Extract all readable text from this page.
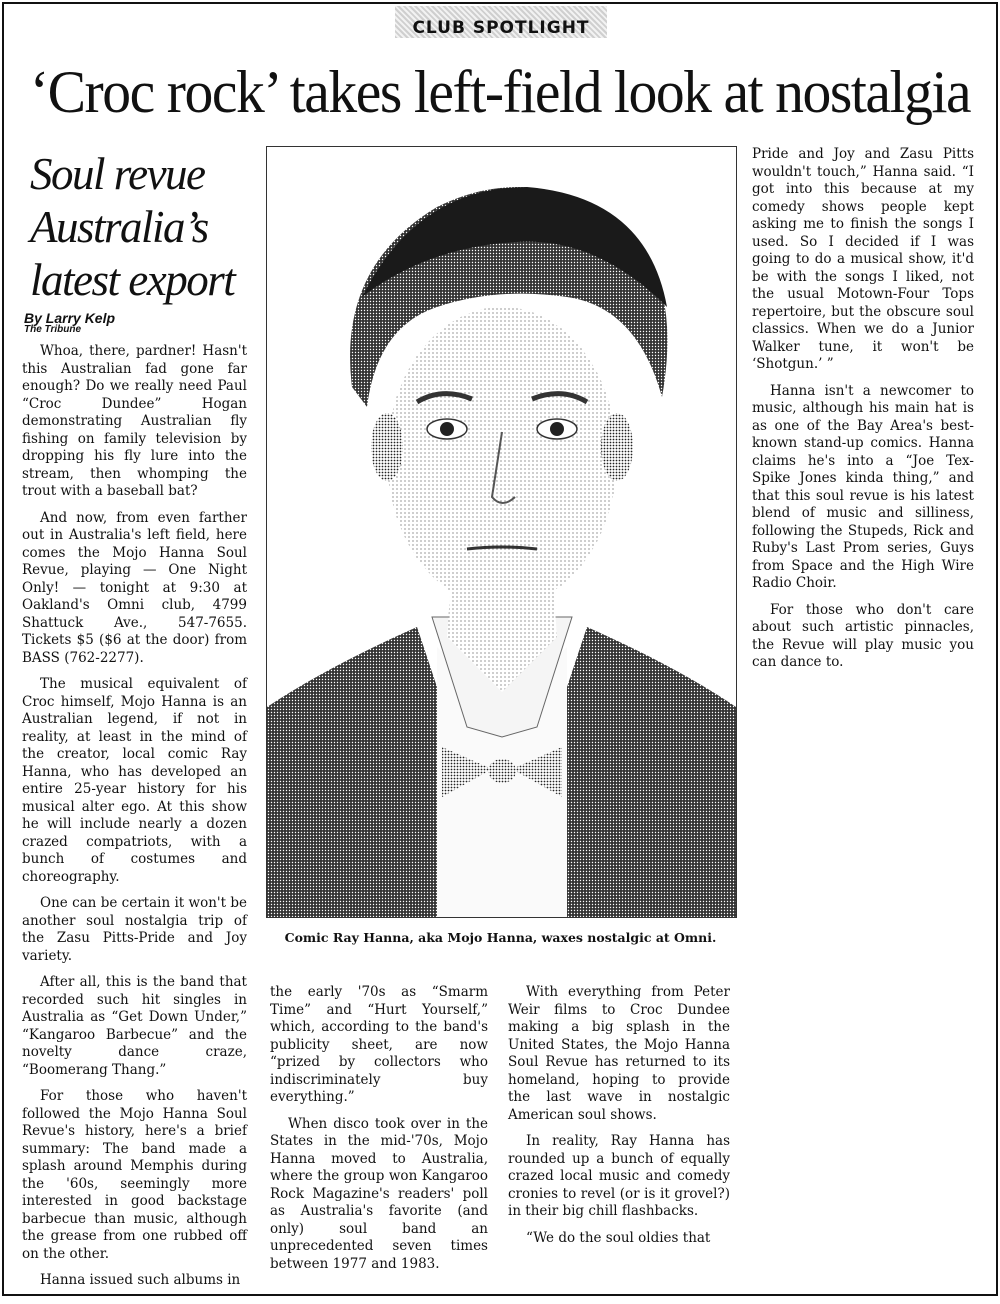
CLUB SPOTLIGHT
‘Croc rock’ takes left-field look at nostalgia
Soul revue Australia’s latest export
By Larry Kelp
The Tribune

Whoa, there, pardner! Hasn't this Australian fad gone far enough? Do we really need Paul “Croc Dundee” Hogan demonstrating Australian fly fishing on family television by dropping his fly lure into the stream, then whomping the trout with a baseball bat?

And now, from even farther out in Australia's left field, here comes the Mojo Hanna Soul Revue, playing — One Night Only! — tonight at 9:30 at Oakland's Omni club, 4799 Shattuck Ave., 547-7655. Tickets $5 ($6 at the door) from BASS (762-2277).

The musical equivalent of Croc himself, Mojo Hanna is an Australian legend, if not in reality, at least in the mind of the creator, local comic Ray Hanna, who has developed an entire 25-year history for his musical alter ego. At this show he will include nearly a dozen crazed compatriots, with a bunch of costumes and choreography.

One can be certain it won't be another soul nostalgia trip of the Zasu Pitts-Pride and Joy variety.

After all, this is the band that recorded such hit singles in Australia as “Get Down Under,” “Kangaroo Barbecue” and the novelty dance craze, “Boomerang Thang.”

For those who haven't followed the Mojo Hanna Soul Revue's history, here's a brief summary: The band made a splash around Memphis during the '60s, seemingly more interested in good backstage barbecue than music, although the grease from one rubbed off on the other.

Hanna issued such albums in

Comic Ray Hanna, aka Mojo Hanna, waxes nostalgic at Omni.

the early '70s as “Smarm Time” and “Hurt Yourself,” which, according to the band's publicity sheet, are now “prized by collectors who indiscriminately buy everything.”

When disco took over in the States in the mid-'70s, Mojo Hanna moved to Australia, where the group won Kangaroo Rock Magazine's readers' poll as Australia's favorite (and only) soul band an unprecedented seven times between 1977 and 1983.

With everything from Peter Weir films to Croc Dundee making a big splash in the United States, the Mojo Hanna Soul Revue has returned to its homeland, hoping to provide the last wave in nostalgic American soul shows.

In reality, Ray Hanna has rounded up a bunch of equally crazed local music and comedy cronies to revel (or is it grovel?) in their big chill flashbacks.

“We do the soul oldies that

Pride and Joy and Zasu Pitts wouldn't touch,” Hanna said. “I got into this because at my comedy shows people kept asking me to finish the songs I used. So I decided if I was going to do a musical show, it'd be with the songs I liked, not the usual Motown-Four Tops repertoire, but the obscure soul classics. When we do a Junior Walker tune, it won't be ‘Shotgun.’ ”

Hanna isn't a newcomer to music, although his main hat is as one of the Bay Area's best-known stand-up comics. Hanna claims he's into a “Joe Tex-Spike Jones kinda thing,” and that this soul revue is his latest blend of music and silliness, following the Stupeds, Rick and Ruby's Last Prom series, Guys from Space and the High Wire Radio Choir.

For those who don't care about such artistic pinnacles, the Revue will play music you can dance to.
